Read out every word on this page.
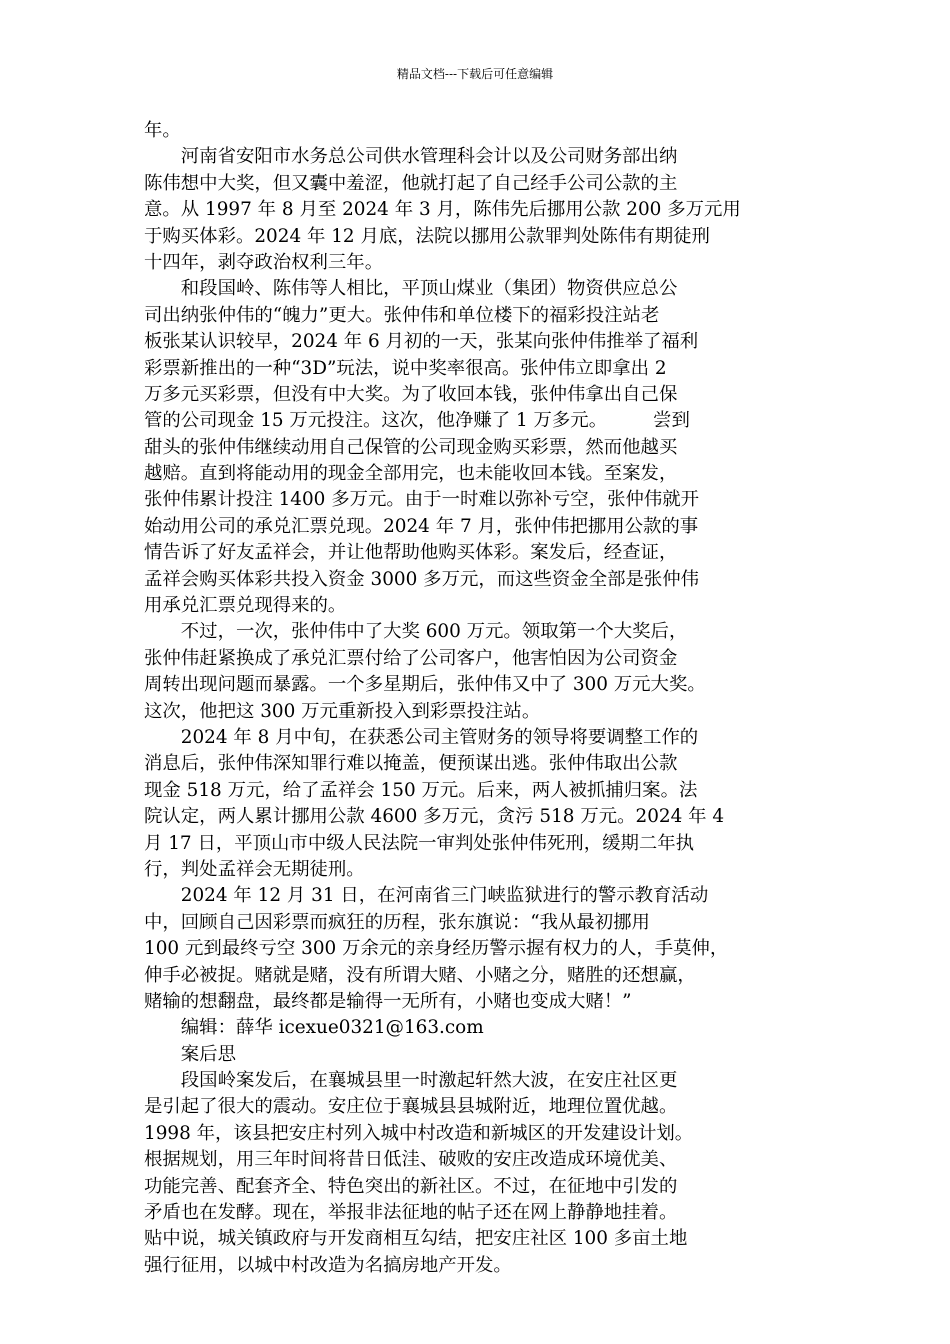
精品文档---下载后可任意编辑
年。
　　河南省安阳市水务总公司供水管理科会计以及公司财务部出纳
陈伟想中大奖，但又囊中羞涩，他就打起了自己经手公司公款的主
意。从 1997 年 8 月至 2024 年 3 月，陈伟先后挪用公款 200 多万元用
于购买体彩。2024 年 12 月底，法院以挪用公款罪判处陈伟有期徒刑
十四年，剥夺政治权利三年。
　　和段国岭、陈伟等人相比，平顶山煤业（集团）物资供应总公
司出纳张仲伟的“魄力”更大。张仲伟和单位楼下的福彩投注站老
板张某认识较早，2024 年 6 月初的一天，张某向张仲伟推举了福利
彩票新推出的一种“3D”玩法，说中奖率很高。张仲伟立即拿出 2
万多元买彩票，但没有中大奖。为了收回本钱，张仲伟拿出自己保
管的公司现金 15 万元投注。这次，他净赚了 1 万多元。　　　尝到
甜头的张仲伟继续动用自己保管的公司现金购买彩票，然而他越买
越赔。直到将能动用的现金全部用完，也未能收回本钱。至案发，
张仲伟累计投注 1400 多万元。由于一时难以弥补亏空，张仲伟就开
始动用公司的承兑汇票兑现。2024 年 7 月，张仲伟把挪用公款的事
情告诉了好友孟祥会，并让他帮助他购买体彩。案发后，经查证，
孟祥会购买体彩共投入资金 3000 多万元，而这些资金全部是张仲伟
用承兑汇票兑现得来的。
　　不过，一次，张仲伟中了大奖 600 万元。领取第一个大奖后，
张仲伟赶紧换成了承兑汇票付给了公司客户，他害怕因为公司资金
周转出现问题而暴露。一个多星期后，张仲伟又中了 300 万元大奖。
这次，他把这 300 万元重新投入到彩票投注站。
　　2024 年 8 月中旬，在获悉公司主管财务的领导将要调整工作的
消息后，张仲伟深知罪行难以掩盖，便预谋出逃。张仲伟取出公款
现金 518 万元，给了孟祥会 150 万元。后来，两人被抓捕归案。法
院认定，两人累计挪用公款 4600 多万元，贪污 518 万元。2024 年 4
月 17 日，平顶山市中级人民法院一审判处张仲伟死刑，缓期二年执
行，判处孟祥会无期徒刑。
　　2024 年 12 月 31 日，在河南省三门峡监狱进行的警示教育活动
中，回顾自己因彩票而疯狂的历程，张东旗说：“我从最初挪用
100 元到最终亏空 300 万余元的亲身经历警示握有权力的人，手莫伸，
伸手必被捉。赌就是赌，没有所谓大赌、小赌之分，赌胜的还想赢，
赌输的想翻盘，最终都是输得一无所有，小赌也变成大赌！”
　　编辑：薛华 icexue0321@163.com
　　案后思
　　段国岭案发后，在襄城县里一时激起轩然大波，在安庄社区更
是引起了很大的震动。安庄位于襄城县县城附近，地理位置优越。
1998 年，该县把安庄村列入城中村改造和新城区的开发建设计划。
根据规划，用三年时间将昔日低洼、破败的安庄改造成环境优美、
功能完善、配套齐全、特色突出的新社区。不过，在征地中引发的
矛盾也在发酵。现在，举报非法征地的帖子还在网上静静地挂着。
贴中说，城关镇政府与开发商相互勾结，把安庄社区 100 多亩土地
强行征用，以城中村改造为名搞房地产开发。
